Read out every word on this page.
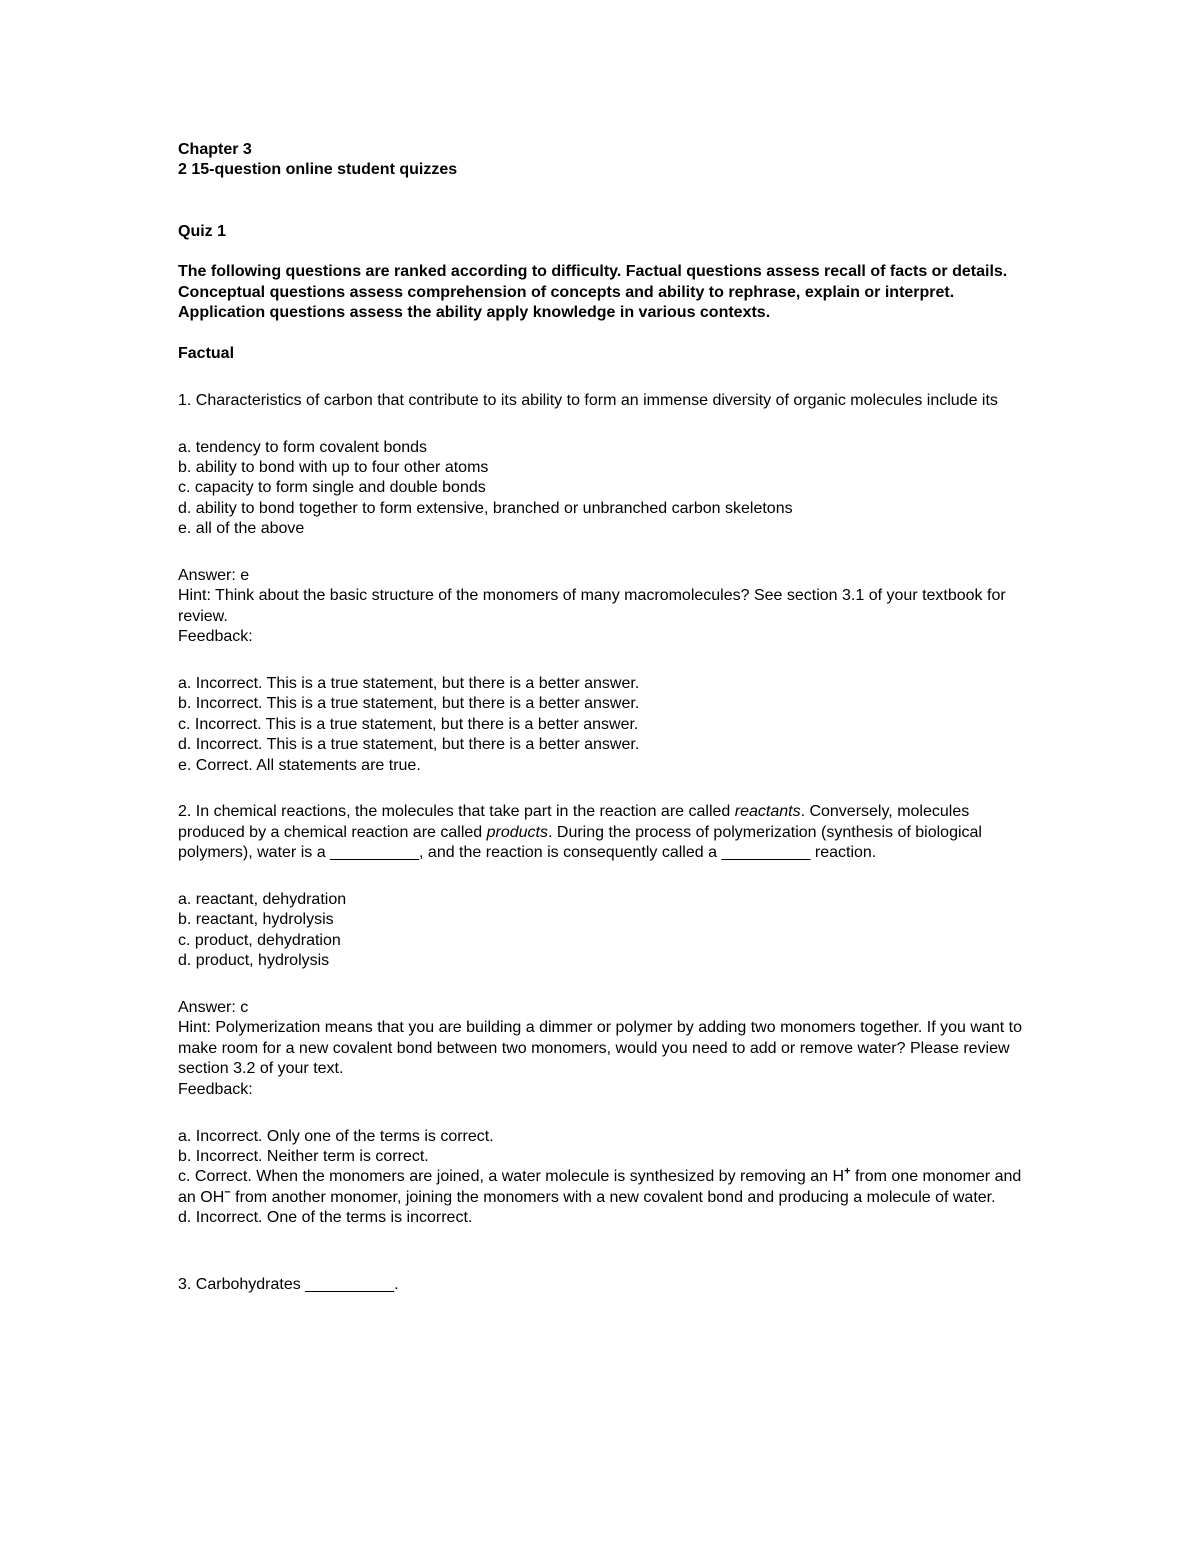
Chapter 3

2 15-question online student quizzes

Quiz 1

The following questions are ranked according to difficulty. Factual questions assess recall of facts or details. Conceptual questions assess comprehension of concepts and ability to rephrase, explain or interpret. Application questions assess the ability apply knowledge in various contexts.

Factual

1. Characteristics of carbon that contribute to its ability to form an immense diversity of organic molecules include its

a. tendency to form covalent bonds

b. ability to bond with up to four other atoms

c. capacity to form single and double bonds

d. ability to bond together to form extensive, branched or unbranched carbon skeletons

e. all of the above

Answer: e

Hint: Think about the basic structure of the monomers of many macromolecules? See section 3.1 of your textbook for review.

Feedback:

a. Incorrect. This is a true statement, but there is a better answer.

b. Incorrect. This is a true statement, but there is a better answer.

c. Incorrect. This is a true statement, but there is a better answer.

d. Incorrect. This is a true statement, but there is a better answer.

e. Correct. All statements are true.

2. In chemical reactions, the molecules that take part in the reaction are called reactants. Conversely, molecules produced by a chemical reaction are called products. During the process of polymerization (synthesis of biological polymers), water is a __________, and the reaction is consequently called a __________ reaction.

a. reactant, dehydration

b. reactant, hydrolysis

c. product, dehydration

d. product, hydrolysis

Answer: c

Hint: Polymerization means that you are building a dimmer or polymer by adding two monomers together. If you want to make room for a new covalent bond between two monomers, would you need to add or remove water? Please review section 3.2 of your text.

Feedback:

a. Incorrect. Only one of the terms is correct.

b. Incorrect. Neither term is correct.

c. Correct. When the monomers are joined, a water molecule is synthesized by removing an H+ from one monomer and an OH− from another monomer, joining the monomers with a new covalent bond and producing a molecule of water.

d. Incorrect. One of the terms is incorrect.

3. Carbohydrates __________.
